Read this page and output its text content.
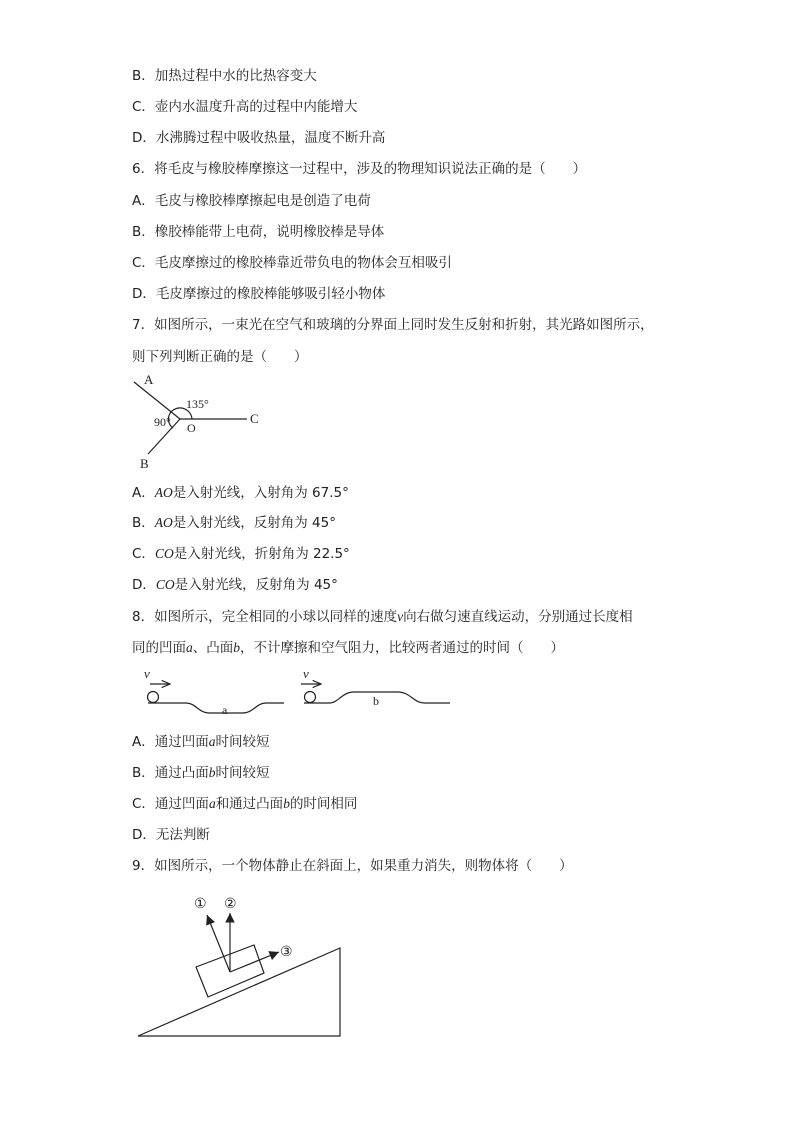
B．加热过程中水的比热容变大
C．壶内水温度升高的过程中内能增大
D．水沸腾过程中吸收热量，温度不断升高
6．将毛皮与橡胶棒摩擦这一过程中，涉及的物理知识说法正确的是（　　）
A．毛皮与橡胶棒摩擦起电是创造了电荷
B．橡胶棒能带上电荷，说明橡胶棒是导体
C．毛皮摩擦过的橡胶棒靠近带负电的物体会互相吸引
D．毛皮摩擦过的橡胶棒能够吸引轻小物体
7．如图所示，一束光在空气和玻璃的分界面上同时发生反射和折射，其光路如图所示，
则下列判断正确的是（　　）
A
B
C
O
135°
90°
A．AO是入射光线，入射角为 67.5°
B．AO是入射光线，反射角为 45°
C．CO是入射光线，折射角为 22.5°
D．CO是入射光线，反射角为 45°
8．如图所示，完全相同的小球以同样的速度v向右做匀速直线运动，分别通过长度相
同的凹面a、凸面b，不计摩擦和空气阻力，比较两者通过的时间（　　）
v
a
v
b
A．通过凹面a时间较短
B．通过凸面b时间较短
C．通过凹面a和通过凸面b的时间相同
D．无法判断
9．如图所示，一个物体静止在斜面上，如果重力消失，则物体将（　　）
① ②
③
